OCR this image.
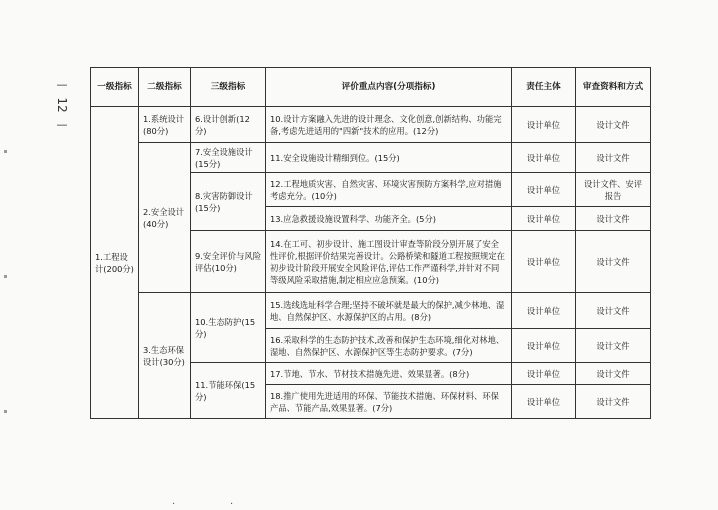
—
12
—
一级指标	二级指标	三级指标	评价重点内容(分项指标)	责任主体	审查资料和方式
1.工程设计(200分)	1.系统设计(80分)	6.设计创新(12分)	10.设计方案融入先进的设计理念、文化创意,创新结构、功能完备,考虑先进适用的"四新"技术的应用。(12分)	设计单位	设计文件
	2.安全设计(40分)	7.安全设施设计(15分)	11.安全设施设计精细到位。(15分)	设计单位	设计文件
		8.灾害防御设计(15分)	12.工程地质灾害、自然灾害、环境灾害预防方案科学,应对措施考虑充分。(10分)	设计单位	设计文件、安评报告
			13.应急救援设施设置科学、功能齐全。(5分)	设计单位	设计文件
		9.安全评价与风险评估(10分)	14.在工可、初步设计、施工图设计审查等阶段分别开展了安全性评价,根据评价结果完善设计。公路桥梁和隧道工程按照规定在初步设计阶段开展安全风险评估,评估工作严谨科学,并针对不同等级风险采取措施,制定相应应急预案。(10分)	设计单位	设计文件
	3.生态环保设计(30分)	10.生态防护(15分)	15.选线选址科学合理;坚持不破坏就是最大的保护,减少林地、湿地、自然保护区、水源保护区的占用。(8分)	设计单位	设计文件
			16.采取科学的生态防护技术,改善和保护生态环境,细化对林地、湿地、自然保护区、水源保护区等生态防护要求。(7分)	设计单位	设计文件
		11.节能环保(15分)	17.节地、节水、节材技术措施先进、效果显著。(8分)	设计单位	设计文件
			18.推广使用先进适用的环保、节能技术措施、环保材料、环保产品、节能产品,效果显著。(7分)	设计单位	设计文件
·	·
